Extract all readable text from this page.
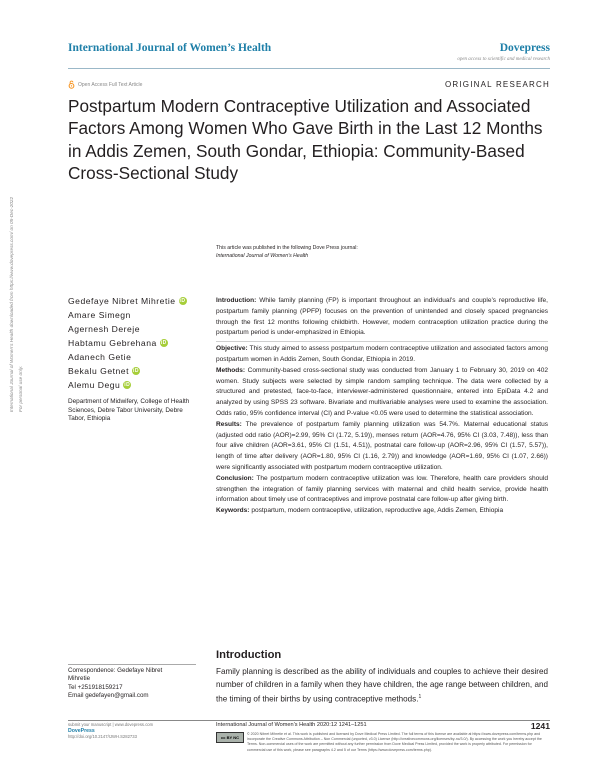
International Journal of Women’s Health	Dovepress
open access to scientific and medical research
Open Access Full Text Article	ORIGINAL RESEARCH
Postpartum Modern Contraceptive Utilization and Associated Factors Among Women Who Gave Birth in the Last 12 Months in Addis Zemen, South Gondar, Ethiopia: Community-Based Cross-Sectional Study
This article was published in the following Dove Press journal:
International Journal of Women’s Health
International Journal of Women’s Health downloaded from https://www.dovepress.com/ on 05-Dec-2022 For personal use only.
Gedefaye Nibret Mihretie iD
Amare Simegn
Agernesh Dereje
Habtamu Gebrehana iD
Adanech Getie
Bekalu Getnet iD
Alemu Degu iD
Department of Midwifery, College of Health Sciences, Debre Tabor University, Debre Tabor, Ethiopia

Introduction: While family planning (FP) is important throughout an individual’s and couple’s reproductive life, postpartum family planning (PPFP) focuses on the prevention of unintended and closely spaced pregnancies through the first 12 months following childbirth. However, modern contraception utilization practice during the postpartum period is under-emphasized in Ethiopia.

Objective: This study aimed to assess postpartum modern contraceptive utilization and associated factors among postpartum women in Addis Zemen, South Gondar, Ethiopia in 2019.

Methods: Community-based cross-sectional study was conducted from January 1 to February 30, 2019 on 402 women. Study subjects were selected by simple random sampling technique. The data were collected by a structured and pretested, face-to-face, interviewer-administered questionnaire, entered into EpiData 4.2 and analyzed by using SPSS 23 software. Bivariate and multivariable analyses were used to examine the association. Odds ratio, 95% confidence interval (CI) and P-value <0.05 were used to determine the statistical association.

Results: The prevalence of postpartum family planning utilization was 54.7%. Maternal educational status (adjusted odd ratio (AOR)=2.99, 95% CI (1.72, 5.19)), menses return (AOR=4.76, 95% CI (3.03, 7.48)), less than four alive children (AOR=3.61, 95% CI (1.51, 4.51)), postnatal care follow-up (AOR=2.96, 95% CI (1.57, 5.57)), length of time after delivery (AOR=1.80, 95% CI (1.16, 2.79)) and knowledge (AOR=1.69, 95% CI (1.07, 2.66)) were significantly associated with postpartum modern contraceptive utilization.

Conclusion: The postpartum modern contraceptive utilization was low. Therefore, health care providers should strengthen the integration of family planning services with maternal and child health service, provide health information about timely use of contraceptives and improve postnatal care follow-up after giving birth.

Keywords: postpartum, modern contraceptive, utilization, reproductive age, Addis Zemen, Ethiopia

Correspondence: Gedefaye Nibret
Mihretie
Tel +251918159217
Email gedefayen@gmail.com
Introduction
Family planning is described as the ability of individuals and couples to achieve their desired number of children in a family when they have children, the age range between children, and the timing of their births by using contraceptive methods.$^1$
submit your manuscript | www.dovepress.com
DovePress
http://doi.org/10.2147/IJWH.S282733
International Journal of Women’s Health 2020:12 1241–1251	1241
cc BY NC
© 2020 Nibret Mihretie et al. This work is published and licensed by Dove Medical Press Limited. The full terms of this license are available at https://www.dovepress.com/terms.php and incorporate the Creative Commons Attribution – Non Commercial (unported, v3.0) License (http://creativecommons.org/licenses/by-nc/3.0/). By accessing the work you hereby accept the Terms. Non-commercial uses of the work are permitted without any further permission from Dove Medical Press Limited, provided the work is properly attributed. For permission for commercial use of this work, please see paragraphs 4.2 and 5 of our Terms (https://www.dovepress.com/terms.php).
